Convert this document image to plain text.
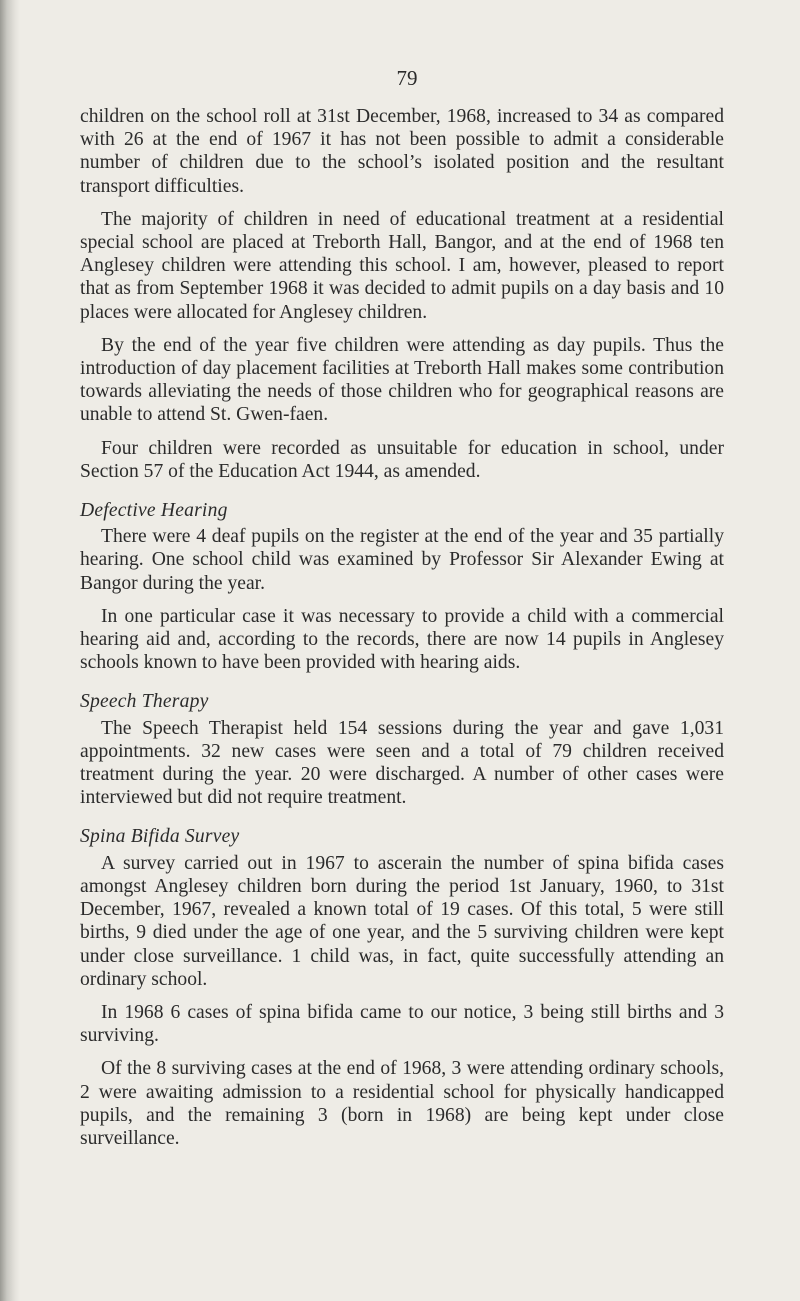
79

children on the school roll at 31st December, 1968, increased to 34 as compared with 26 at the end of 1967 it has not been possible to admit a considerable number of children due to the school’s isolated position and the resultant transport difficulties.

The majority of children in need of educational treatment at a residential special school are placed at Treborth Hall, Bangor, and at the end of 1968 ten Anglesey children were attending this school. I am, however, pleased to report that as from September 1968 it was decided to admit pupils on a day basis and 10 places were allocated for Anglesey children.

By the end of the year five children were attending as day pupils. Thus the introduction of day placement facilities at Treborth Hall makes some contribution towards alleviating the needs of those children who for geographical reasons are unable to attend St. Gwen-faen.

Four children were recorded as unsuitable for education in school, under Section 57 of the Education Act 1944, as amended.

Defective Hearing

There were 4 deaf pupils on the register at the end of the year and 35 partially hearing. One school child was examined by Professor Sir Alexander Ewing at Bangor during the year.

In one particular case it was necessary to provide a child with a commercial hearing aid and, according to the records, there are now 14 pupils in Anglesey schools known to have been provided with hearing aids.

Speech Therapy

The Speech Therapist held 154 sessions during the year and gave 1,031 appointments. 32 new cases were seen and a total of 79 children received treatment during the year. 20 were discharged. A number of other cases were interviewed but did not require treatment.

Spina Bifida Survey

A survey carried out in 1967 to ascerain the number of spina bifida cases amongst Anglesey children born during the period 1st January, 1960, to 31st December, 1967, revealed a known total of 19 cases. Of this total, 5 were still births, 9 died under the age of one year, and the 5 surviving children were kept under close surveillance. 1 child was, in fact, quite successfully attending an ordinary school.

In 1968 6 cases of spina bifida came to our notice, 3 being still births and 3 surviving.

Of the 8 surviving cases at the end of 1968, 3 were attending ordinary schools, 2 were awaiting admission to a residential school for physically handicapped pupils, and the remaining 3 (born in 1968) are being kept under close surveillance.
